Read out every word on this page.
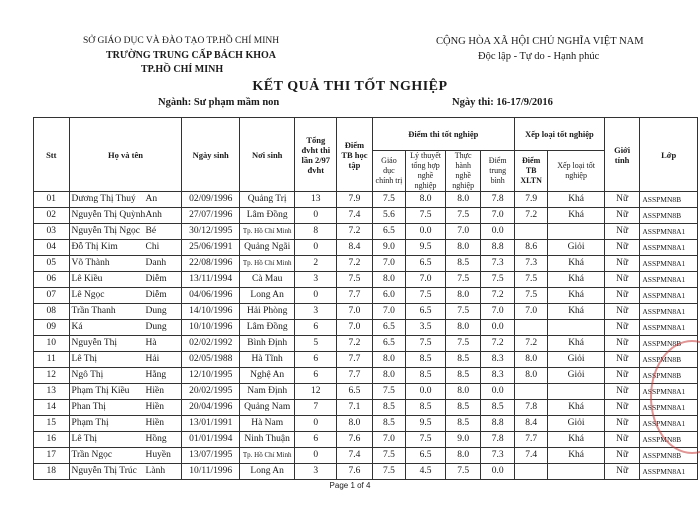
SỞ GIÁO DỤC VÀ ĐÀO TẠO TP.HỒ CHÍ MINH
TRƯỜNG TRUNG CẤP BÁCH KHOA
TP.HỒ CHÍ MINH
CỘNG HÒA XÃ HỘI CHỦ NGHĨA VIỆT NAM
Độc lập - Tự do - Hạnh phúc
KẾT QUẢ THI TỐT NGHIỆP
Ngành: Sư phạm mầm non	Ngày thi: 16-17/9/2016
Stt	Họ và tên	Ngày sinh	Nơi sinh	Tổng đvht thi lần 2/97 đvht	Điểm TB học tập	Điểm thi tốt nghiệp				Xếp loại tốt nghiệp		Giới tính	Lớp
						Giáo dục chính trị	Lý thuyết tổng hợp nghề nghiệp	Thực hành nghề nghiệp	Điểm trung bình	Điểm TB XLTN	Xếp loại tốt nghiệp		
01	Dương Thị Thuý An	02/09/1996	Quảng Trị	13	7.9	7.5	8.0	8.0	7.8	7.9	Khá	Nữ	ASSPMN8B
02	Nguyễn Thị QuỳnhAnh	27/07/1996	Lâm Đồng	0	7.4	5.6	7.5	7.5	7.0	7.2	Khá	Nữ	ASSPMN8B
03	Nguyễn Thị Ngọc Bé	30/12/1995	Tp. Hồ Chí Minh	8	7.2	6.5	0.0	7.0	0.0			Nữ	ASSPMN8A1
04	Đỗ Thị Kim Chi	25/06/1991	Quảng Ngãi	0	8.4	9.0	9.5	8.0	8.8	8.6	Giỏi	Nữ	ASSPMN8A1
05	Võ Thành Danh	22/08/1996	Tp. Hồ Chí Minh	2	7.2	7.0	6.5	8.5	7.3	7.3	Khá	Nữ	ASSPMN8A1
06	Lê Kiều Diễm	13/11/1994	Cà Mau	3	7.5	8.0	7.0	7.5	7.5	7.5	Khá	Nữ	ASSPMN8A1
07	Lê Ngọc Diễm	04/06/1996	Long An	0	7.7	6.0	7.5	8.0	7.2	7.5	Khá	Nữ	ASSPMN8A1
08	Trần Thanh Dung	14/10/1996	Hải Phòng	3	7.0	7.0	6.5	7.5	7.0	7.0	Khá	Nữ	ASSPMN8A1
09	Ká Dung	10/10/1996	Lâm Đồng	6	7.0	6.5	3.5	8.0	0.0			Nữ	ASSPMN8A1
10	Nguyễn Thị Hà	02/02/1992	Bình Định	5	7.2	6.5	7.5	7.5	7.2	7.2	Khá	Nữ	ASSPMN8B
11	Lê Thị Hải	02/05/1988	Hà Tĩnh	6	7.7	8.0	8.5	8.5	8.3	8.0	Giỏi	Nữ	ASSPMN8B
12	Ngô Thị Hằng	12/10/1995	Nghệ An	6	7.7	8.0	8.5	8.5	8.3	8.0	Giỏi	Nữ	ASSPMN8B
13	Phạm Thị Kiều Hiền	20/02/1995	Nam Định	12	6.5	7.5	0.0	8.0	0.0			Nữ	ASSPMN8A1
14	Phan Thị Hiền	20/04/1996	Quảng Nam	7	7.1	8.5	8.5	8.5	8.5	7.8	Khá	Nữ	ASSPMN8A1
15	Phạm Thị Hiền	13/01/1991	Hà Nam	0	8.0	8.5	9.5	8.5	8.8	8.4	Giỏi	Nữ	ASSPMN8A1
16	Lê Thị Hồng	01/01/1994	Ninh Thuận	6	7.6	7.0	7.5	9.0	7.8	7.7	Khá	Nữ	ASSPMN8B
17	Trần Ngọc Huyền	13/07/1995	Tp. Hồ Chí Minh	0	7.4	7.5	6.5	8.0	7.3	7.4	Khá	Nữ	ASSPMN8B
18	Nguyễn Thị Trúc Lành	10/11/1996	Long An	3	7.6	7.5	4.5	7.5	0.0			Nữ	ASSPMN8A1
Page 1 of 4
